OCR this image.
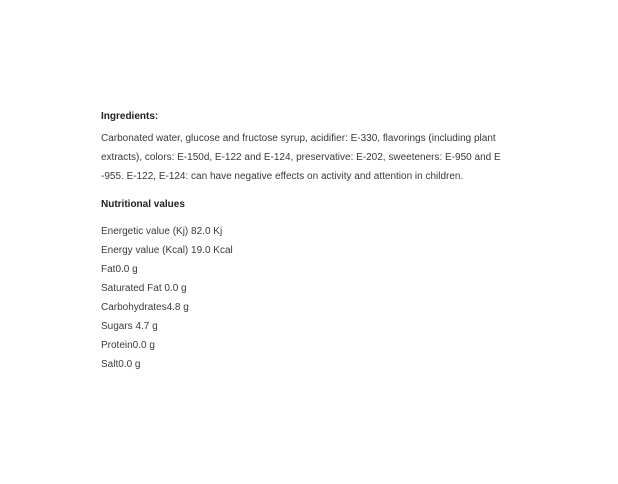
Ingredients:

Carbonated water, glucose and fructose syrup, acidifier: E-330, flavorings (including plant extracts), colors: E-150d, E-122 and E-124, preservative: E-202, sweeteners: E-950 and E -955. E-122, E-124: can have negative effects on activity and attention in children.

Nutritional values

Energetic value (Kj) 82.0 Kj
Energy value (Kcal) 19.0 Kcal
Fat0.0 g
Saturated Fat 0.0 g
Carbohydrates4.8 g
Sugars 4.7 g
Protein0.0 g
Salt0.0 g
